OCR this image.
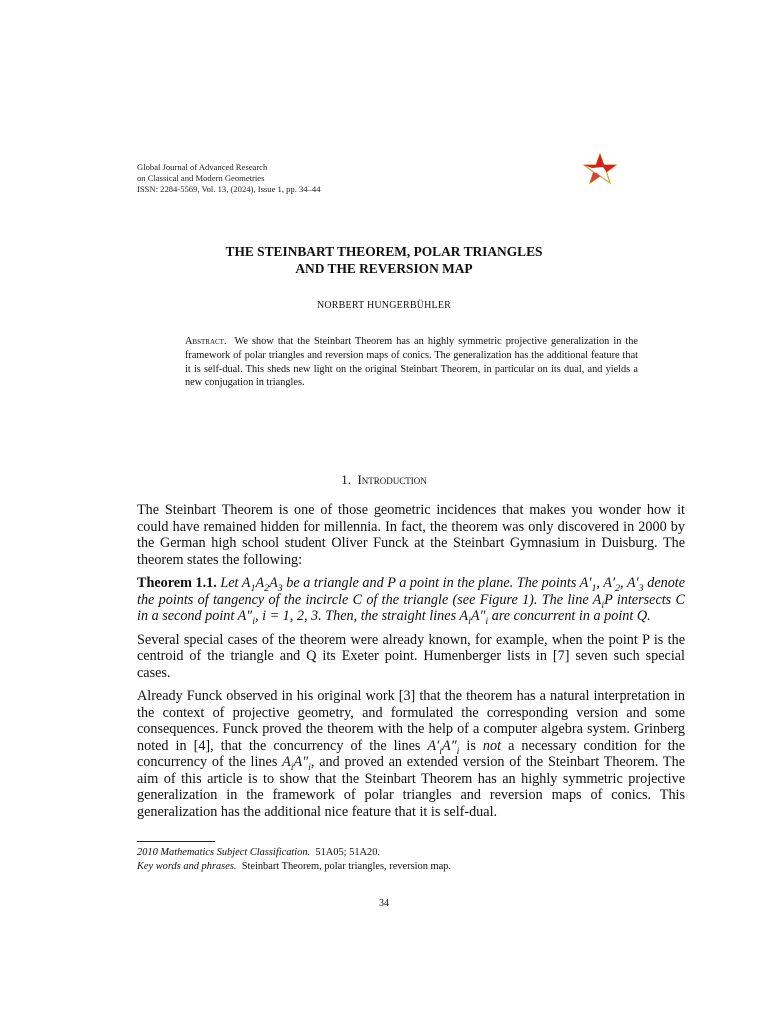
Global Journal of Advanced Research
on Classical and Modern Geometries
ISSN: 2284-5569, Vol. 13, (2024), Issue 1, pp. 34–44
THE STEINBART THEOREM, POLAR TRIANGLES
AND THE REVERSION MAP
NORBERT HUNGERBÜHLER
Abstract. We show that the Steinbart Theorem has an highly symmetric projective generalization in the framework of polar triangles and reversion maps of conics. The generalization has the additional feature that it is self-dual. This sheds new light on the original Steinbart Theorem, in particular on its dual, and yields a new conjugation in triangles.
1. Introduction

The Steinbart Theorem is one of those geometric incidences that makes you wonder how it could have remained hidden for millennia. In fact, the theorem was only discovered in 2000 by the German high school student Oliver Funck at the Steinbart Gymnasium in Duisburg. The theorem states the following:

Theorem 1.1. Let $A_1A_2A_3$ be a triangle and P a point in the plane. The points $A'_1$, $A'_2$, $A'_3$ denote the points of tangency of the incircle C of the triangle (see Figure 1). The line $A_iP$ intersects C in a second point $A''_i$, i = 1, 2, 3. Then, the straight lines $A_iA''_i$ are concurrent in a point Q.

Several special cases of the theorem were already known, for example, when the point P is the centroid of the triangle and Q its Exeter point. Humenberger lists in [7] seven such special cases.

Already Funck observed in his original work [3] that the theorem has a natural interpretation in the context of projective geometry, and formulated the corresponding version and some consequences. Funck proved the theorem with the help of a computer algebra system. Grinberg noted in [4], that the concurrency of the lines $A'_iA''_i$ is not a necessary condition for the concurrency of the lines $A_iA''_i$, and proved an extended version of the Steinbart Theorem. The aim of this article is to show that the Steinbart Theorem has an highly symmetric projective generalization in the framework of polar triangles and reversion maps of conics. This generalization has the additional nice feature that it is self-dual.

2010 Mathematics Subject Classification. 51A05; 51A20.
Key words and phrases. Steinbart Theorem, polar triangles, reversion map.
34
